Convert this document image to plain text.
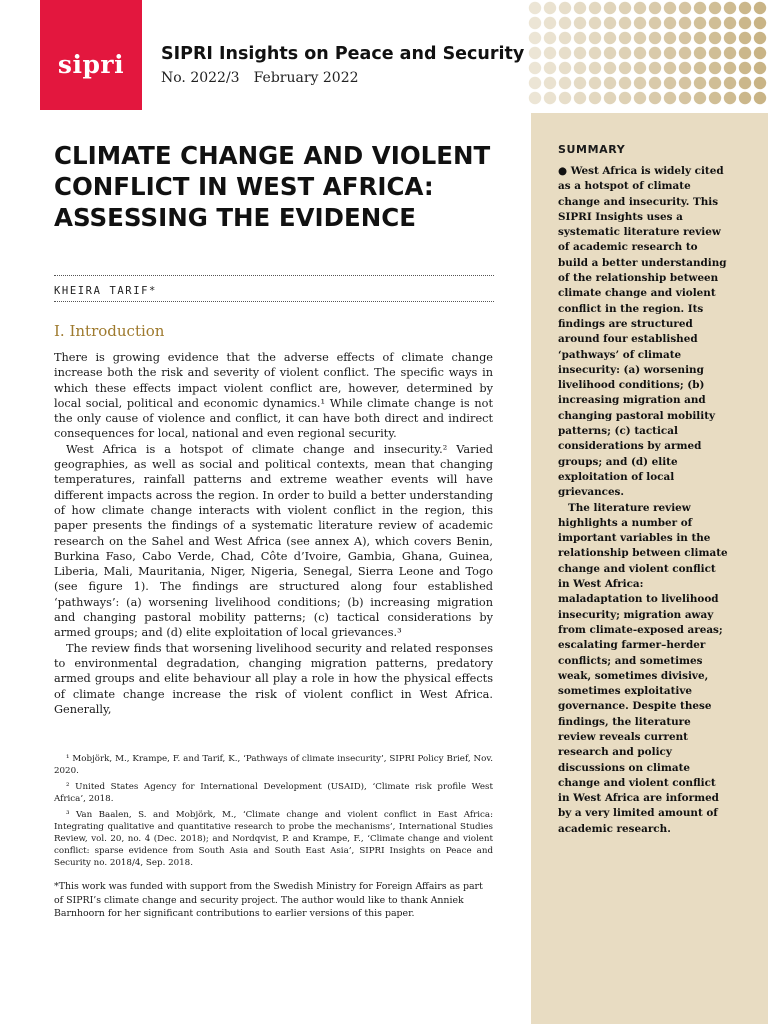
sipri SIPRI Insights on Peace and Security
No. 2022/3 February 2022
SUMMARY

● West Africa is widely cited as a hotspot of climate change and insecurity. This SIPRI Insights uses a systematic literature review of academic research to build a better understanding of the relationship between climate change and violent conflict in the region. Its findings are structured around four established ‘pathways’ of climate insecurity: (a) worsening livelihood conditions; (b) increasing migration and changing pastoral mobility patterns; (c) tactical considerations by armed groups; and (d) elite exploitation of local grievances.

The literature review highlights a number of important variables in the relationship between climate change and violent conflict in West Africa: maladaptation to livelihood insecurity; migration away from climate-exposed areas; escalating farmer–herder conflicts; and sometimes weak, sometimes divisive, sometimes exploitative governance. Despite these findings, the literature review reveals current research and policy discussions on climate change and violent conflict in West Africa are informed by a very limited amount of academic research.

CLIMATE CHANGE AND VIOLENT CONFLICT IN WEST AFRICA: ASSESSING THE EVIDENCE
KHEIRA TARIF*
I. Introduction

There is growing evidence that the adverse effects of climate change increase both the risk and severity of violent conflict. The specific ways in which these effects impact violent conflict are, however, determined by local social, political and economic dynamics.¹ While climate change is not the only cause of violence and conflict, it can have both direct and indirect consequences for local, national and even regional security.

West Africa is a hotspot of climate change and insecurity.² Varied geographies, as well as social and political contexts, mean that changing temperatures, rainfall patterns and extreme weather events will have different impacts across the region. In order to build a better understanding of how climate change interacts with violent conflict in the region, this paper presents the findings of a systematic literature review of academic research on the Sahel and West Africa (see annex A), which covers Benin, Burkina Faso, Cabo Verde, Chad, Côte d’Ivoire, Gambia, Ghana, Guinea, Liberia, Mali, Mauritania, Niger, Nigeria, Senegal, Sierra Leone and Togo (see figure 1). The findings are structured along four established ‘pathways’: (a) worsening livelihood conditions; (b) increasing migration and changing pastoral mobility patterns; (c) tactical considerations by armed groups; and (d) elite exploitation of local grievances.³

The review finds that worsening livelihood security and related responses to environmental degradation, changing migration patterns, predatory armed groups and elite behaviour all play a role in how the physical effects of climate change increase the risk of violent conflict in West Africa. Generally,

¹ Mobjörk, M., Krampe, F. and Tarif, K., ‘Pathways of climate insecurity’, SIPRI Policy Brief, Nov. 2020.

² United States Agency for International Development (USAID), ‘Climate risk profile West Africa’, 2018.

³ Van Baalen, S. and Mobjörk, M., ‘Climate change and violent conflict in East Africa: Integrating qualitative and quantitative research to probe the mechanisms’, International Studies Review, vol. 20, no. 4 (Dec. 2018); and Nordqvist, P. and Krampe, F., ‘Climate change and violent conflict: sparse evidence from South Asia and South East Asia’, SIPRI Insights on Peace and Security no. 2018/4, Sep. 2018.

*This work was funded with support from the Swedish Ministry for Foreign Affairs as part of SIPRI’s climate change and security project. The author would like to thank Anniek Barnhoorn for her significant contributions to earlier versions of this paper.
